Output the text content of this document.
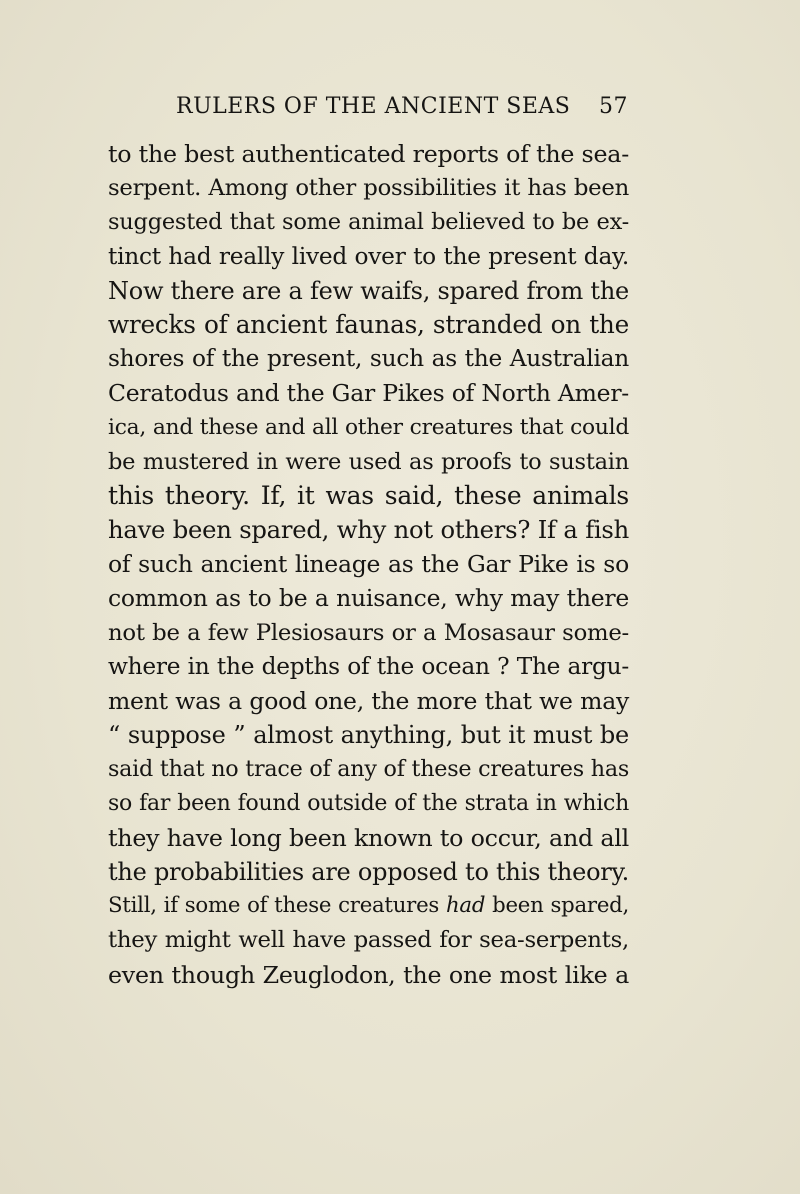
RULERS OF THE ANCIENT SEAS 57
to the best authenticated reports of the sea-
serpent. Among other possibilities it has been
suggested that some animal believed to be ex-
tinct had really lived over to the present day.
Now there are a few waifs, spared from the
wrecks of ancient faunas, stranded on the
shores of the present, such as the Australian
Ceratodus and the Gar Pikes of North Amer-
ica, and these and all other creatures that could
be mustered in were used as proofs to sustain
this theory. If, it was said, these animals
have been spared, why not others? If a fish
of such ancient lineage as the Gar Pike is so
common as to be a nuisance, why may there
not be a few Plesiosaurs or a Mosasaur some-
where in the depths of the ocean ? The argu-
ment was a good one, the more that we may
“ suppose ” almost anything, but it must be
said that no trace of any of these creatures has
so far been found outside of the strata in which
they have long been known to occur, and all
the probabilities are opposed to this theory.
Still, if some of these creatures had been spared,
they might well have passed for sea-serpents,
even though Zeuglodon, the one most like a
